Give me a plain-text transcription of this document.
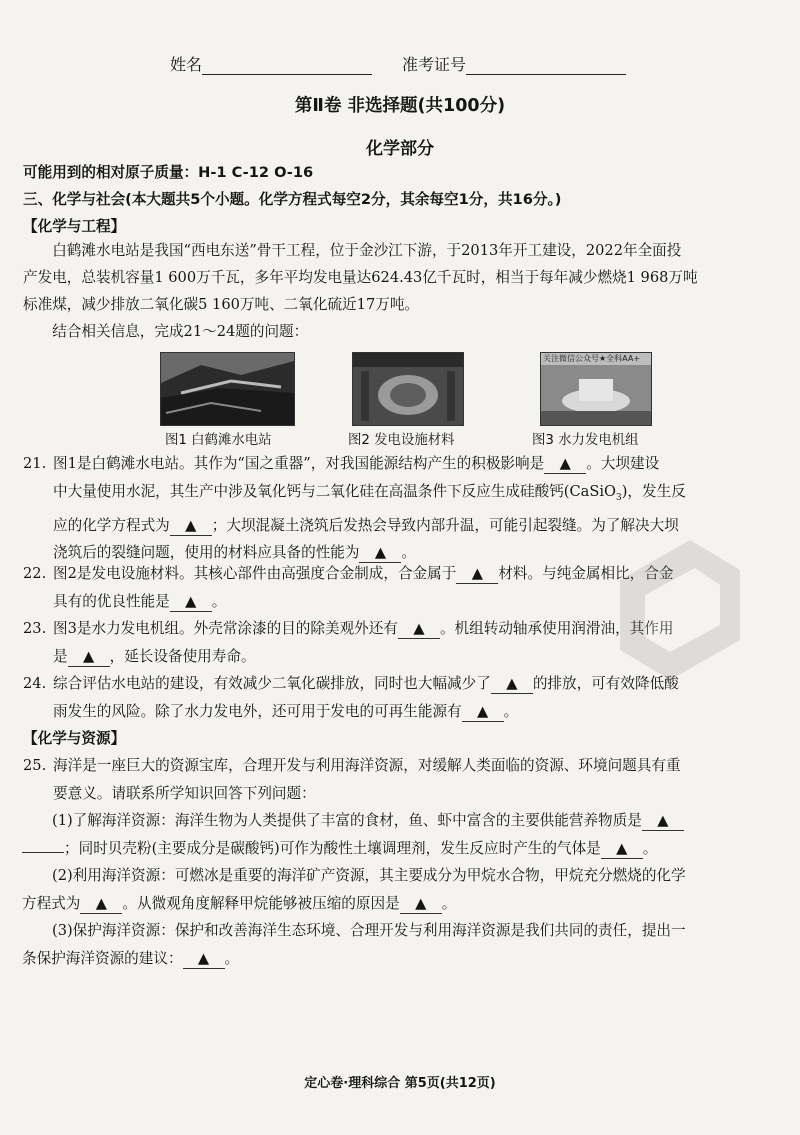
姓名	准考证号
第Ⅱ卷 非选择题(共100分)
化学部分
可能用到的相对原子质量：H-1 C-12 O-16
三、化学与社会(本大题共5个小题。化学方程式每空2分，其余每空1分，共16分。)
【化学与工程】
白鹤滩水电站是我国“西电东送”骨干工程，位于金沙江下游，于2013年开工建设，2022年全面投
产发电，总装机容量1 600万千瓦，多年平均发电量达624.43亿千瓦时，相当于每年减少燃烧1 968万吨
标准煤，减少排放二氧化碳5 160万吨、二氧化硫近17万吨。
结合相关信息，完成21～24题的问题：
关注微信公众号★全科AA+
图1 白鹤滩水电站	图2 发电设施材料	图3 水力发电机组
21. 图1是白鹤滩水电站。其作为“国之重器”，对我国能源结构产生的积极影响是 ▲ 。大坝建设
中大量使用水泥，其生产中涉及氧化钙与二氧化硅在高温条件下反应生成硅酸钙(CaSiO$_3$)，发生反
应的化学方程式为 ▲ ；大坝混凝土浇筑后发热会导致内部升温，可能引起裂缝。为了解决大坝
浇筑后的裂缝问题，使用的材料应具备的性能为 ▲ 。
22. 图2是发电设施材料。其核心部件由高强度合金制成，合金属于 ▲ 材料。与纯金属相比，合金
具有的优良性能是 ▲ 。
23. 图3是水力发电机组。外壳常涂漆的目的除美观外还有 ▲ 。机组转动轴承使用润滑油，其作用
是 ▲ ，延长设备使用寿命。
24. 综合评估水电站的建设，有效减少二氧化碳排放，同时也大幅减少了 ▲ 的排放，可有效降低酸
雨发生的风险。除了水力发电外，还可用于发电的可再生能源有 ▲ 。
【化学与资源】
25. 海洋是一座巨大的资源宝库，合理开发与利用海洋资源，对缓解人类面临的资源、环境问题具有重
要意义。请联系所学知识回答下列问题：
(1)了解海洋资源：海洋生物为人类提供了丰富的食材，鱼、虾中富含的主要供能营养物质是 ▲
；同时贝壳粉(主要成分是碳酸钙)可作为酸性土壤调理剂，发生反应时产生的气体是 ▲ 。
(2)利用海洋资源：可燃冰是重要的海洋矿产资源，其主要成分为甲烷水合物，甲烷充分燃烧的化学
方程式为 ▲ 。从微观角度解释甲烷能够被压缩的原因是 ▲ 。
(3)保护海洋资源：保护和改善海洋生态环境、合理开发与利用海洋资源是我们共同的责任，提出一
条保护海洋资源的建议： ▲ 。
定心卷·理科综合 第5页(共12页)
